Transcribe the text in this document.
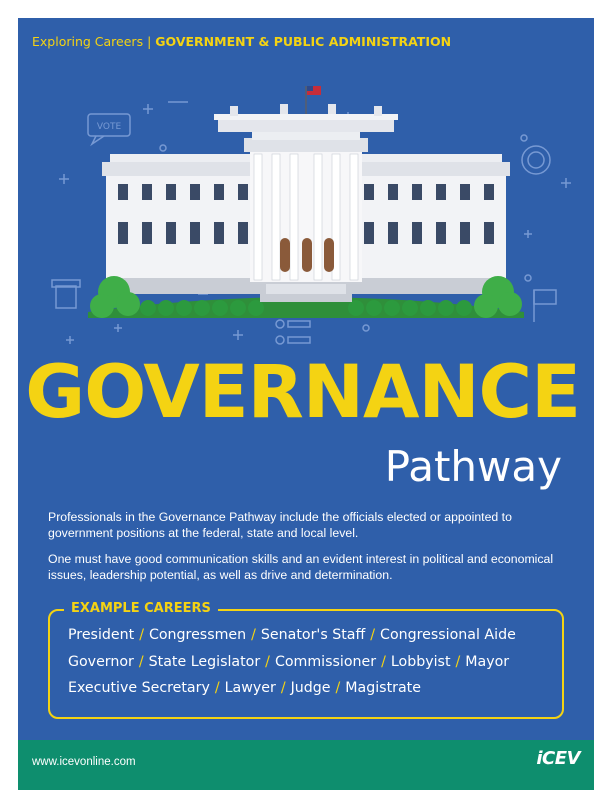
Exploring Careers | GOVERNMENT & PUBLIC ADMINISTRATION
VOTE
GOVERNANCE
Pathway
Professionals in the Governance Pathway include the officials elected or appointed to government positions at the federal, state and local level.
One must have good communication skills and an evident interest in political and economical issues, leadership potential, as well as drive and determination.
EXAMPLE CAREERS
President / Congressmen / Senator's Staff / Congressional Aide
Governor / State Legislator / Commissioner / Lobbyist / Mayor
Executive Secretary / Lawyer / Judge / Magistrate
www.icevonline.com	iCEV
